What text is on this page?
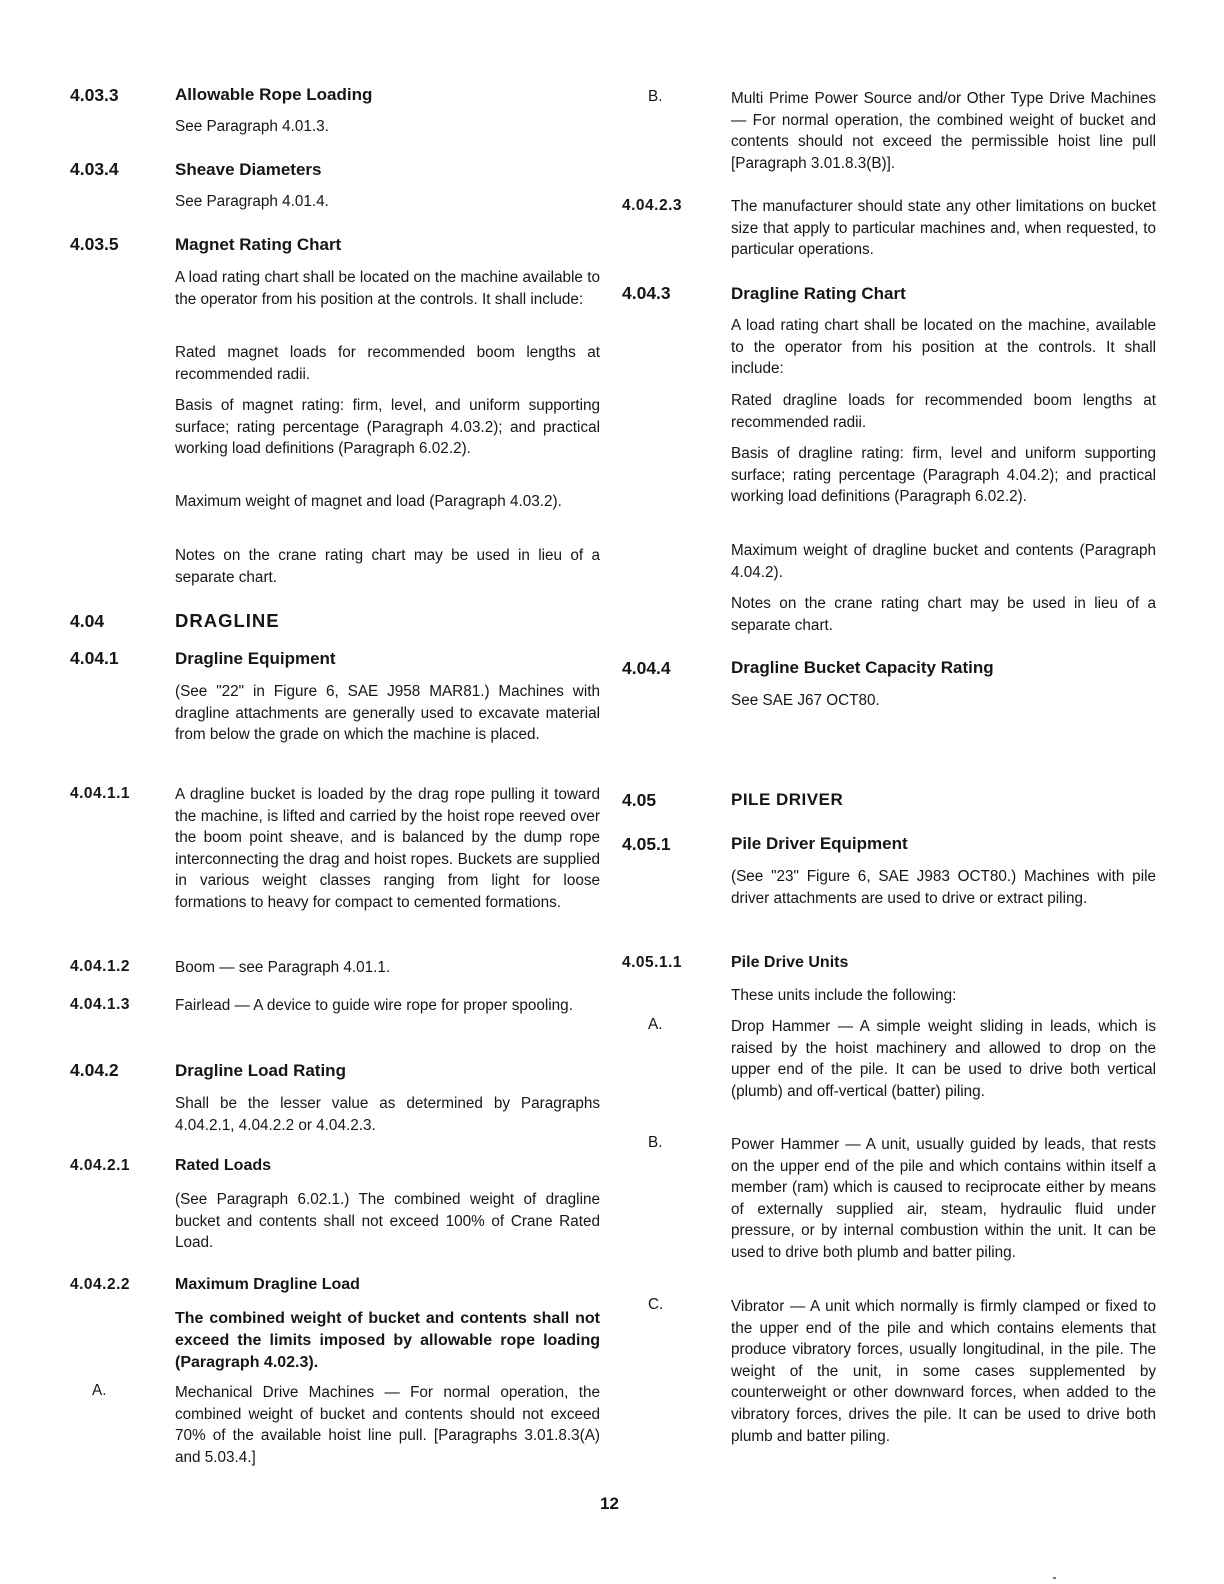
4.03.3	Allowable Rope Loading
See Paragraph 4.01.3.
4.03.4	Sheave Diameters
See Paragraph 4.01.4.
4.03.5	Magnet Rating Chart
A load rating chart shall be located on the machine available to the operator from his position at the controls. It shall include:
Rated magnet loads for recommended boom lengths at recommended radii.
Basis of magnet rating: firm, level, and uniform supporting surface; rating percentage (Paragraph 4.03.2); and practical working load definitions (Paragraph 6.02.2).
Maximum weight of magnet and load (Paragraph 4.03.2).
Notes on the crane rating chart may be used in lieu of a separate chart.
4.04	DRAGLINE
4.04.1	Dragline Equipment
(See "22" in Figure 6, SAE J958 MAR81.) Machines with dragline attachments are generally used to excavate material from below the grade on which the machine is placed.
4.04.1.1	A dragline bucket is loaded by the drag rope pulling it toward the machine, is lifted and carried by the hoist rope reeved over the boom point sheave, and is balanced by the dump rope interconnecting the drag and hoist ropes. Buckets are supplied in various weight classes ranging from light for loose formations to heavy for compact to cemented formations.
4.04.1.2	Boom — see Paragraph 4.01.1.
4.04.1.3	Fairlead — A device to guide wire rope for proper spooling.
4.04.2	Dragline Load Rating
Shall be the lesser value as determined by Paragraphs 4.04.2.1, 4.04.2.2 or 4.04.2.3.
4.04.2.1	Rated Loads
(See Paragraph 6.02.1.) The combined weight of dragline bucket and contents shall not exceed 100% of Crane Rated Load.
4.04.2.2	Maximum Dragline Load
The combined weight of bucket and contents shall not exceed the limits imposed by allowable rope loading (Paragraph 4.02.3).
A.	Mechanical Drive Machines — For normal operation, the combined weight of bucket and contents should not exceed 70% of the available hoist line pull. [Paragraphs 3.01.8.3(A) and 5.03.4.]
B.	Multi Prime Power Source and/or Other Type Drive Machines — For normal operation, the combined weight of bucket and contents should not exceed the permissible hoist line pull [Paragraph 3.01.8.3(B)].
4.04.2.3	The manufacturer should state any other limitations on bucket size that apply to particular machines and, when requested, to particular operations.
4.04.3	Dragline Rating Chart
A load rating chart shall be located on the machine, available to the operator from his position at the controls. It shall include:
Rated dragline loads for recommended boom lengths at recommended radii.
Basis of dragline rating: firm, level and uniform supporting surface; rating percentage (Paragraph 4.04.2); and practical working load definitions (Paragraph 6.02.2).
Maximum weight of dragline bucket and contents (Paragraph 4.04.2).
Notes on the crane rating chart may be used in lieu of a separate chart.
4.04.4	Dragline Bucket Capacity Rating
See SAE J67 OCT80.
4.05	PILE DRIVER
4.05.1	Pile Driver Equipment
(See "23" Figure 6, SAE J983 OCT80.) Machines with pile driver attachments are used to drive or extract piling.
4.05.1.1	Pile Drive Units
These units include the following:
A.	Drop Hammer — A simple weight sliding in leads, which is raised by the hoist machinery and allowed to drop on the upper end of the pile. It can be used to drive both vertical (plumb) and off-vertical (batter) piling.
B.	Power Hammer — A unit, usually guided by leads, that rests on the upper end of the pile and which contains within itself a member (ram) which is caused to reciprocate either by means of externally supplied air, steam, hydraulic fluid under pressure, or by internal combustion within the unit. It can be used to drive both plumb and batter piling.
C.	Vibrator — A unit which normally is firmly clamped or fixed to the upper end of the pile and which contains elements that produce vibratory forces, usually longitudinal, in the pile. The weight of the unit, in some cases supplemented by counterweight or other downward forces, when added to the vibratory forces, drives the pile. It can be used to drive both plumb and batter piling.
12
